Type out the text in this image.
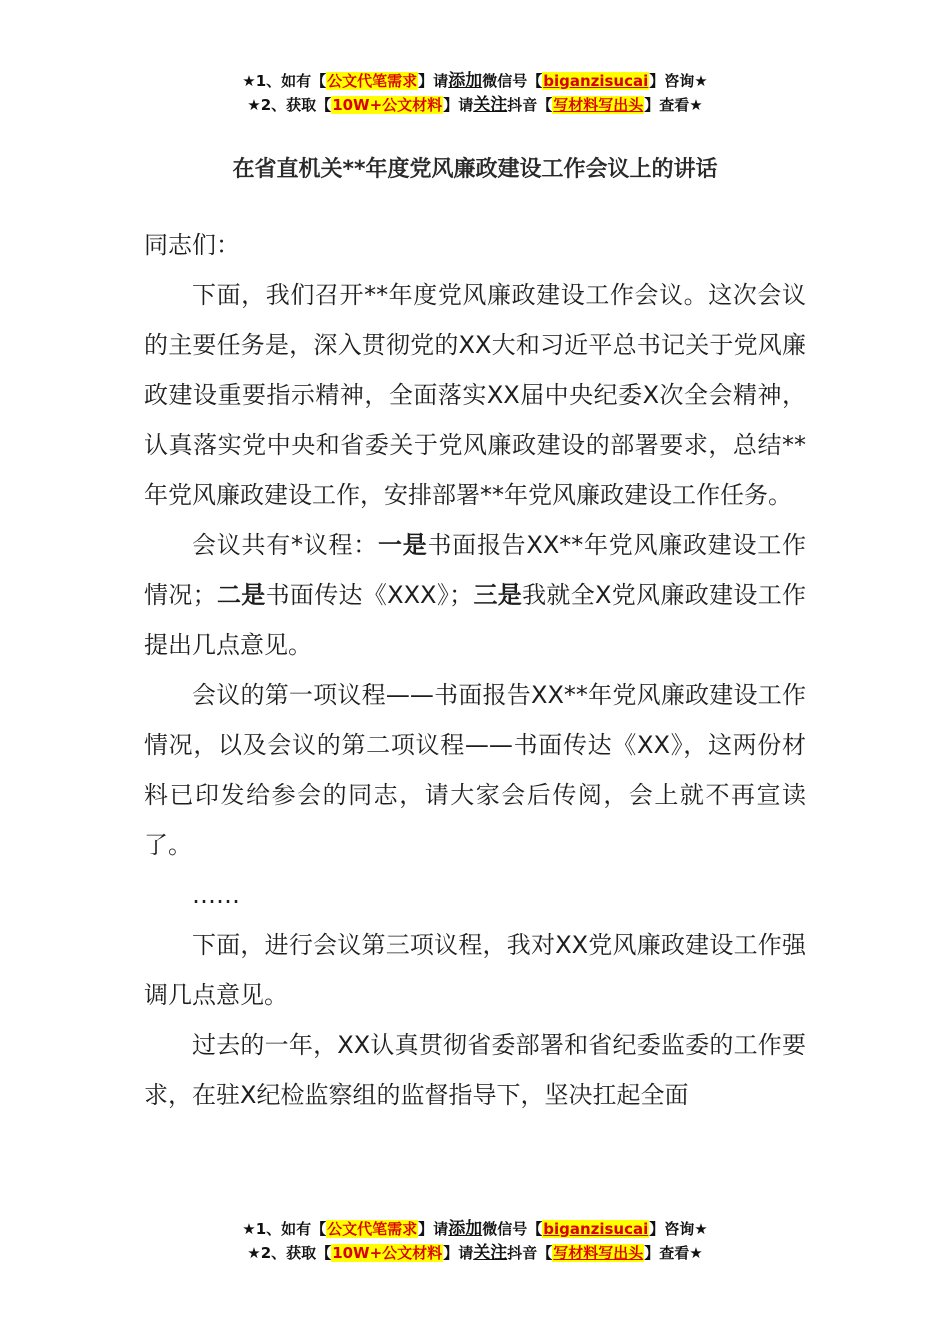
★1、如有【公文代笔需求】请添加微信号【biganzisucai】咨询★
★2、获取【10W+公文材料】请关注抖音【写材料写出头】查看★
在省直机关**年度党风廉政建设工作会议上的讲话

同志们：

下面，我们召开**年度党风廉政建设工作会议。这次会议的主要任务是，深入贯彻党的XX大和习近平总书记关于党风廉政建设重要指示精神，全面落实XX届中央纪委X次全会精神，认真落实党中央和省委关于党风廉政建设的部署要求，总结**年党风廉政建设工作，安排部署**年党风廉政建设工作任务。

会议共有*议程：一是书面报告XX**年党风廉政建设工作情况；二是书面传达《XXX》；三是我就全X党风廉政建设工作提出几点意见。

会议的第一项议程——书面报告XX**年党风廉政建设工作情况，以及会议的第二项议程——书面传达《XX》，这两份材料已印发给参会的同志，请大家会后传阅，会上就不再宣读了。

……

下面，进行会议第三项议程，我对XX党风廉政建设工作强调几点意见。

过去的一年，XX认真贯彻省委部署和省纪委监委的工作要求，在驻X纪检监察组的监督指导下，坚决扛起全面

★1、如有【公文代笔需求】请添加微信号【biganzisucai】咨询★
★2、获取【10W+公文材料】请关注抖音【写材料写出头】查看★
